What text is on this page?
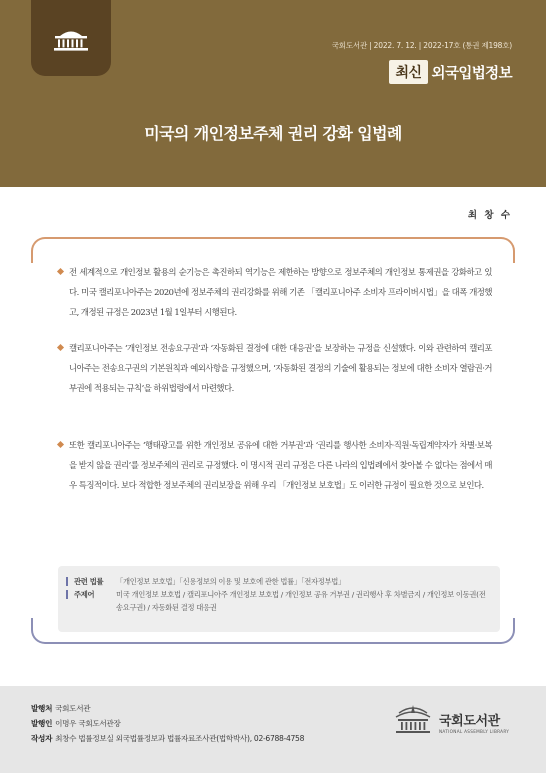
국회도서관 | 2022. 7. 12. | 2022-17호 (통권 제198호)
최신 외국입법정보
미국의 개인정보주체 권리 강화 입법례
최 창 수
전 세계적으로 개인정보 활용의 순기능은 촉진하되 역기능은 제한하는 방향으로 정보주체의 개인정보 통제권을 강화하고 있다. 미국 캘리포니아주는 2020년에 정보주체의 권리강화를 위해 기존 「캘리포니아주 소비자 프라이버시법」을 대폭 개정했고, 개정된 규정은 2023년 1월 1일부터 시행된다.
캘리포니아주는 ‘개인정보 전송요구권’과 ‘자동화된 결정에 대한 대응권’을 보장하는 규정을 신설했다. 이와 관련하여 캘리포니아주는 전송요구권의 기본원칙과 예외사항을 규정했으며, ‘자동화된 결정의 기술에 활용되는 정보에 대한 소비자 열람권·거부권에 적용되는 규칙’을 하위법령에서 마련했다.
또한 캘리포니아주는 ‘행태광고를 위한 개인정보 공유에 대한 거부권’과 ‘권리를 행사한 소비자·직원·독립계약자가 차별·보복을 받지 않을 권리’를 정보주체의 권리로 규정했다. 이 명시적 권리 규정은 다른 나라의 입법례에서 찾아볼 수 없다는 점에서 매우 특징적이다. 보다 적합한 정보주체의 권리보장을 위해 우리 「개인정보 보호법」도 이러한 규정이 필요한 것으로 보인다.
관련 법률	「개인정보 보호법」「신용정보의 이용 및 보호에 관한 법률」「전자정부법」
주제어	미국 개인정보 보호법 / 캘리포니아주 개인정보 보호법 / 개인정보 공유 거부권 / 권리행사 후 차별금지 / 개인정보 이동권(전송요구권) / 자동화된 결정 대응권
발행처 국회도서관
발행인 이명우 국회도서관장
작성자 최창수 법률정보실 외국법률정보과 법률자료조사관(법학박사), 02-6788-4758
국회도서관
NATIONAL ASSEMBLY LIBRARY
